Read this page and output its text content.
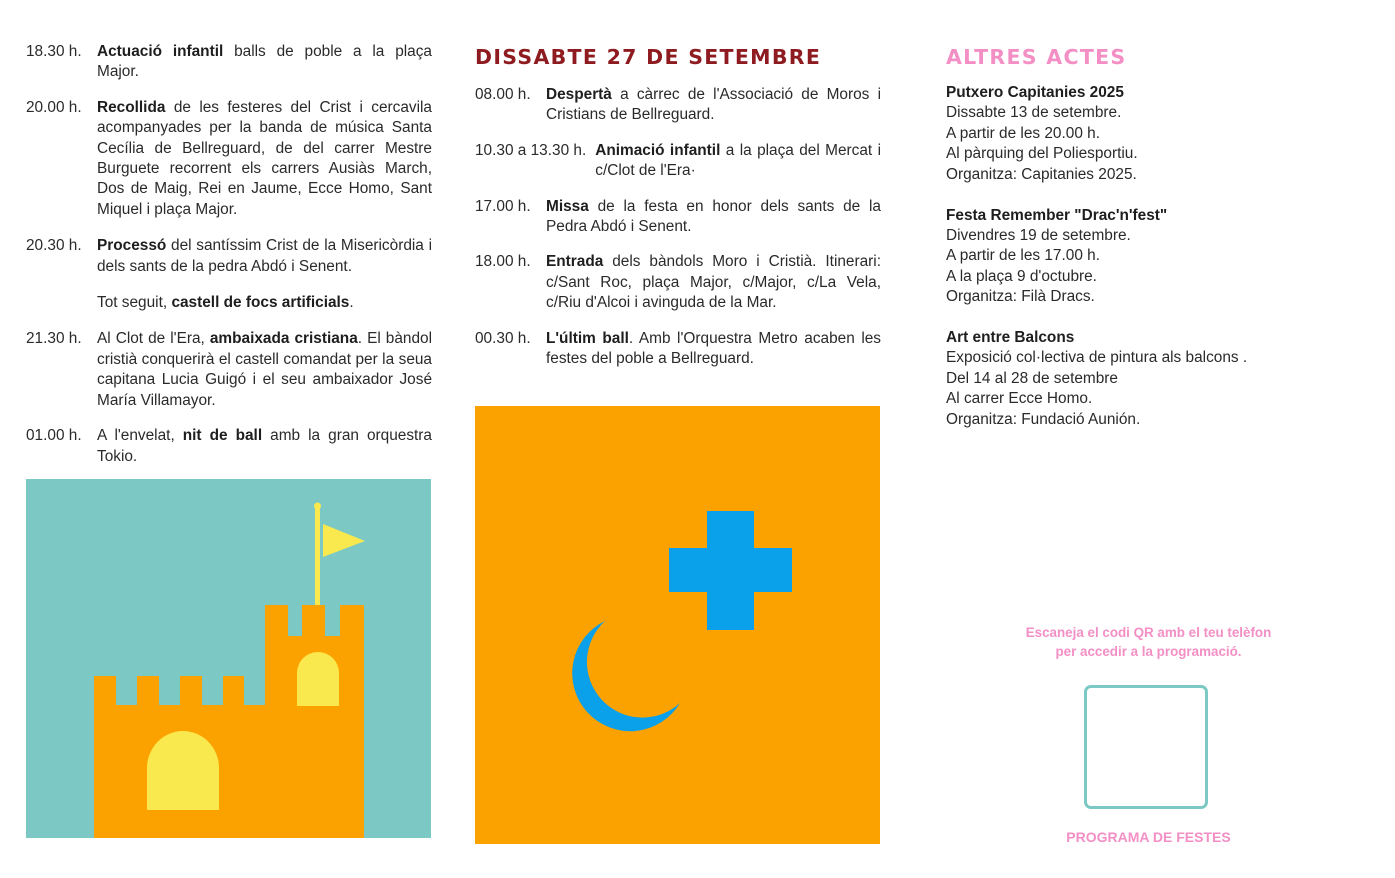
18.30 h. Actuació infantil balls de poble a la plaça Major.
20.00 h. Recollida de les festeres del Crist i cercavila acompanyades per la banda de música Santa Cecília de Bellreguard, de del carrer Mestre Burguete recorrent els carrers Ausiàs March, Dos de Maig, Rei en Jaume, Ecce Homo, Sant Miquel i plaça Major.
20.30 h. Processó del santíssim Crist de la Misericòrdia i dels sants de la pedra Abdó i Senent.
Tot seguit, castell de focs artificials.
21.30 h. Al Clot de l'Era, ambaixada cristiana. El bàndol cristià conquerirà el castell comandat per la seua capitana Lucia Guigó i el seu ambaixador José María Villamayor.
01.00 h. A l'envelat, nit de ball amb la gran orquestra Tokio.
DISSABTE 27 DE SETEMBRE
08.00 h. Despertà a càrrec de l'Associació de Moros i Cristians de Bellreguard.
10.30 a 13.30 h. Animació infantil a la plaça del Mercat i c/Clot de l'Era·
17.00 h. Missa de la festa en honor dels sants de la Pedra Abdó i Senent.
18.00 h. Entrada dels bàndols Moro i Cristià. Itinerari: c/Sant Roc, plaça Major, c/Major, c/La Vela, c/Riu d'Alcoi i avinguda de la Mar.
00.30 h. L'últim ball. Amb l'Orquestra Metro acaben les festes del poble a Bellreguard.
ALTRES ACTES
Putxero Capitanies 2025
Dissabte 13 de setembre.
A partir de les 20.00 h.
Al pàrquing del Poliesportiu.
Organitza: Capitanies 2025.
Festa Remember "Drac'n'fest"
Divendres 19 de setembre.
A partir de les 17.00 h.
A la plaça 9 d'octubre.
Organitza: Filà Dracs.
Art entre Balcons
Exposició col·lectiva de pintura als balcons .
Del 14 al 28 de setembre
Al carrer Ecce Homo.
Organitza: Fundació Aunión.
Escaneja el codi QR amb el teu telèfon
per accedir a la programació.
PROGRAMA DE FESTES
